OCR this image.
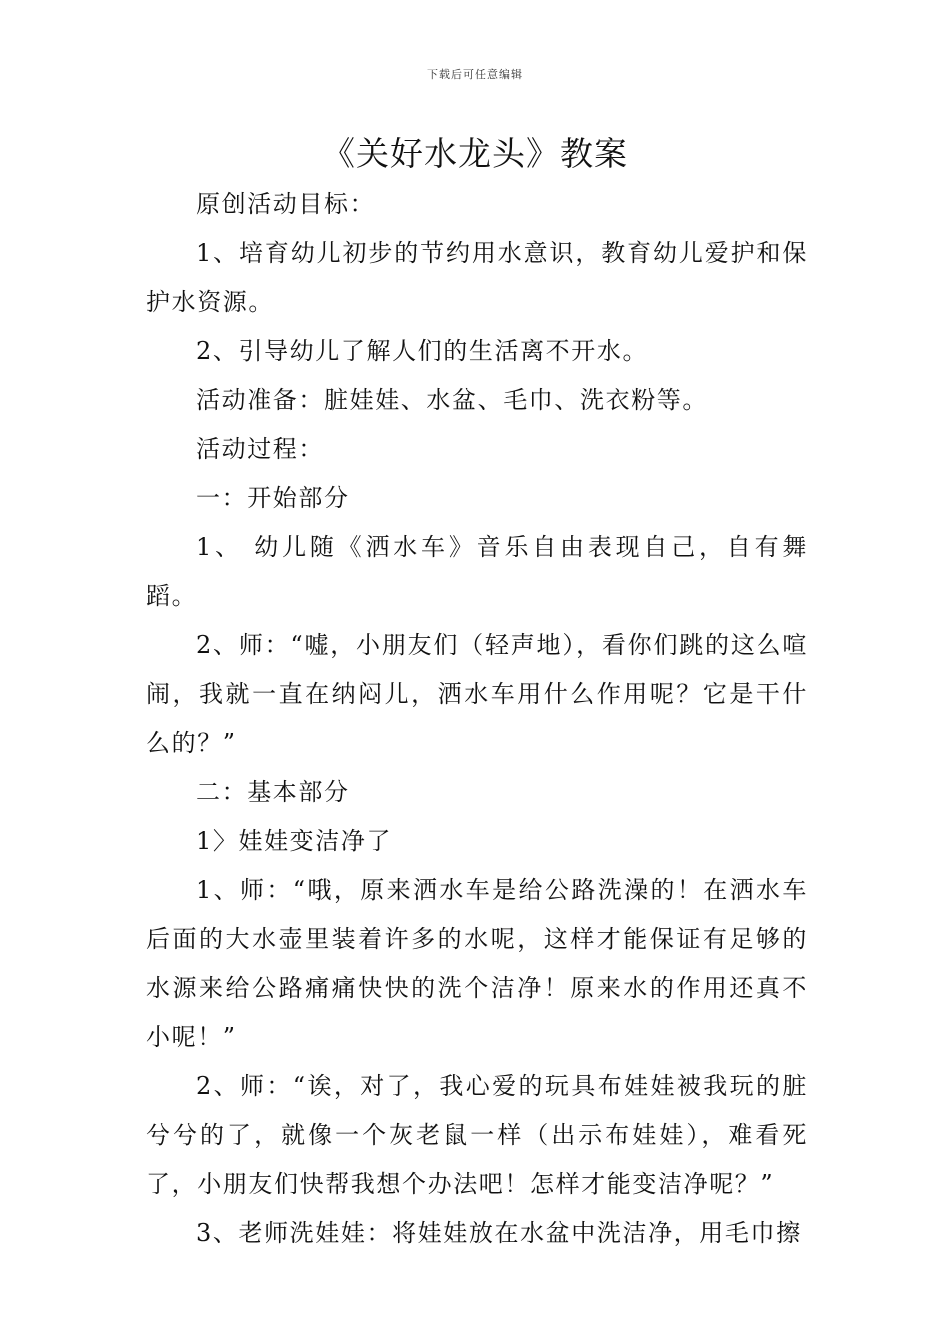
下载后可任意编辑
《关好水龙头》教案

原创活动目标：

1、培育幼儿初步的节约用水意识，教育幼儿爱护和保护水资源。

2、引导幼儿了解人们的生活离不开水。

活动准备：脏娃娃、水盆、毛巾、洗衣粉等。

活动过程：

一：开始部分

1、 幼儿随《洒水车》音乐自由表现自己，自有舞蹈。

2、师：“嘘，小朋友们（轻声地），看你们跳的这么喧闹，我就一直在纳闷儿，洒水车用什么作用呢？它是干什么的？”

二：基本部分

1〉娃娃变洁净了

1、师：“哦，原来洒水车是给公路洗澡的！在洒水车后面的大水壶里装着许多的水呢，这样才能保证有足够的水源来给公路痛痛快快的洗个洁净！原来水的作用还真不小呢！”

2、师：“诶，对了，我心爱的玩具布娃娃被我玩的脏兮兮的了，就像一个灰老鼠一样（出示布娃娃），难看死了，小朋友们快帮我想个办法吧！怎样才能变洁净呢？”

3、老师洗娃娃：将娃娃放在水盆中洗洁净，用毛巾擦
